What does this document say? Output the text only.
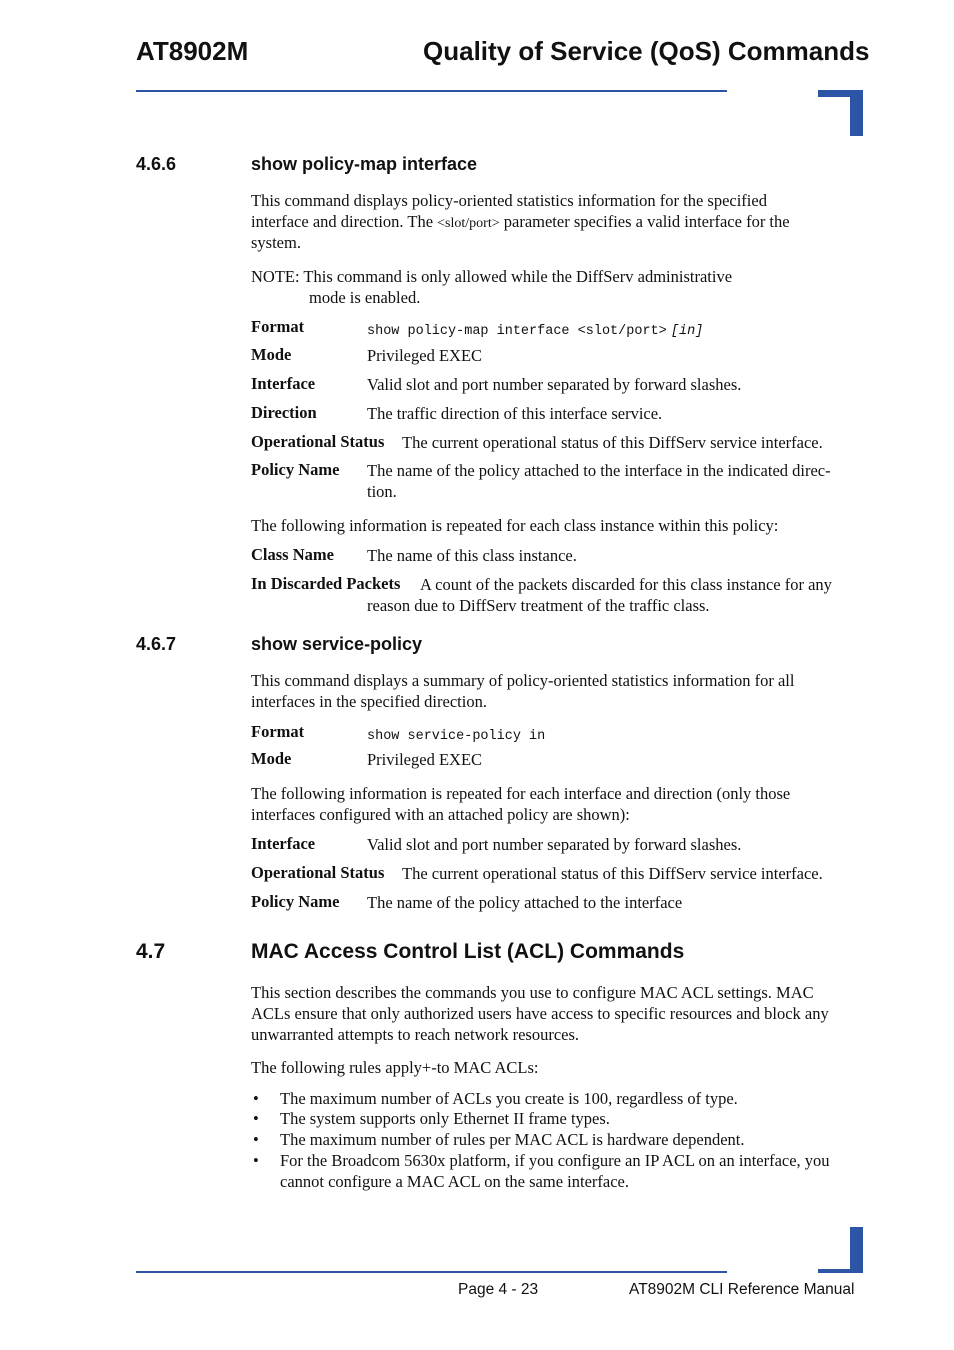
AT8902M	Quality of Service (QoS) Commands
4.6.6	show policy-map interface
This command displays policy-oriented statistics information for the specified
interface and direction. The <slot/port> parameter specifies a valid interface for the
system.
NOTE: This command is only allowed while the DiffServ administrative
mode is enabled.
Format	show policy-map interface <slot/port> [in]
Mode	Privileged EXEC
Interface	Valid slot and port number separated by forward slashes.
Direction	The traffic direction of this interface service.
Operational Status The current operational status of this DiffServ service interface.
Policy Name The name of the policy attached to the interface in the indicated direc-
tion.
The following information is repeated for each class instance within this policy:
Class Name The name of this class instance.
In Discarded Packets A count of the packets discarded for this class instance for any
reason due to DiffServ treatment of the traffic class.
4.6.7	show service-policy
This command displays a summary of policy-oriented statistics information for all
interfaces in the specified direction.
Format	show service-policy in
Mode	Privileged EXEC
The following information is repeated for each interface and direction (only those
interfaces configured with an attached policy are shown):
Interface	Valid slot and port number separated by forward slashes.
Operational Status The current operational status of this DiffServ service interface.
Policy Name The name of the policy attached to the interface
4.7	MAC Access Control List (ACL) Commands
This section describes the commands you use to configure MAC ACL settings. MAC
ACLs ensure that only authorized users have access to specific resources and block any
unwarranted attempts to reach network resources.
The following rules apply+-to MAC ACLs:
• The maximum number of ACLs you create is 100, regardless of type.
• The system supports only Ethernet II frame types.
• The maximum number of rules per MAC ACL is hardware dependent.
• For the Broadcom 5630x platform, if you configure an IP ACL on an interface, you
cannot configure a MAC ACL on the same interface.
Page 4 - 23	AT8902M CLI Reference Manual
